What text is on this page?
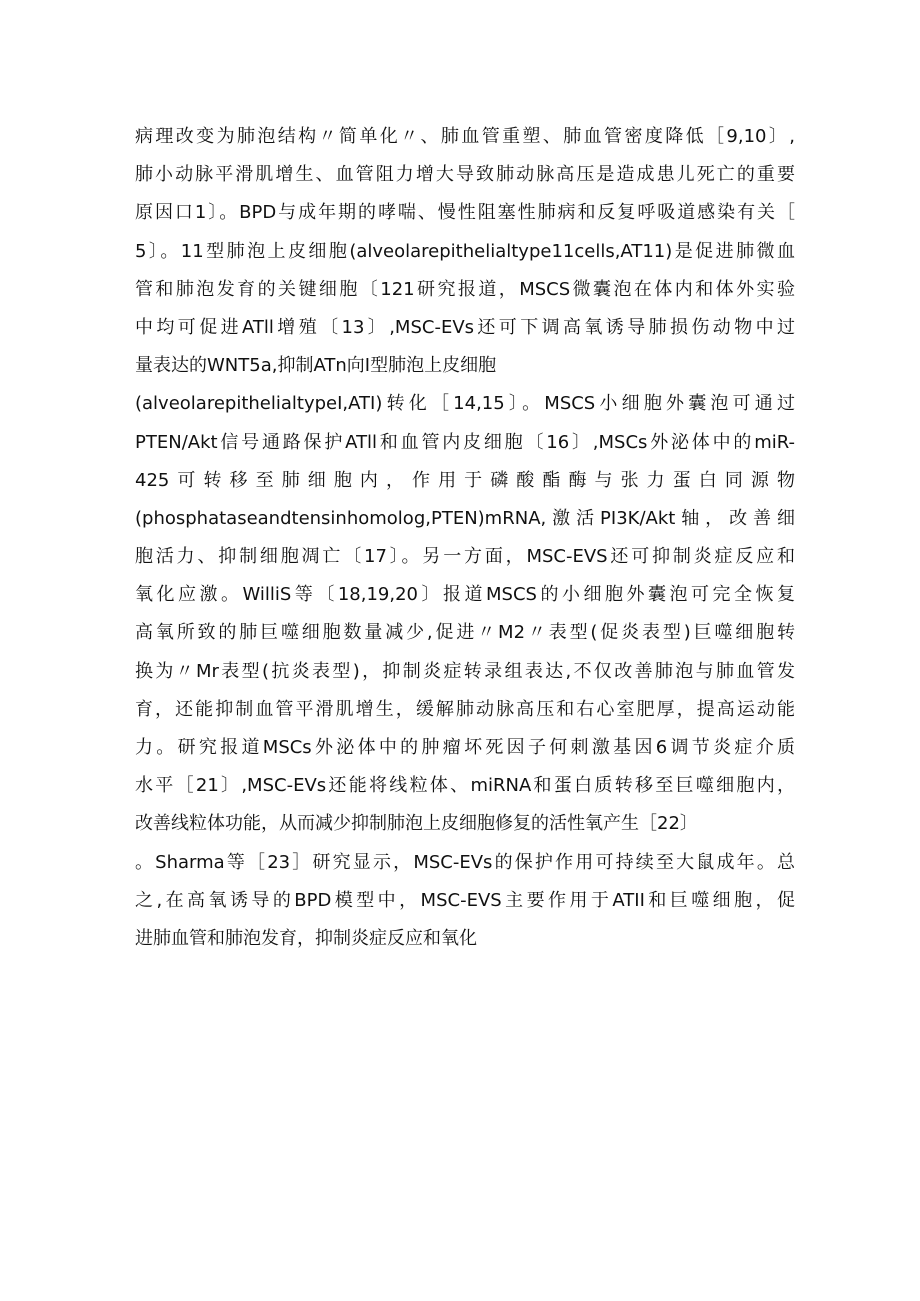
病理改变为肺泡结构〃简单化〃、肺血管重塑、肺血管密度降低［9,10〕,
肺小动脉平滑肌增生、血管阻力增大导致肺动脉高压是造成患儿死亡的重要
原因口1〕。BPD与成年期的哮喘、慢性阻塞性肺病和反复呼吸道感染有关［
5〕。11型肺泡上皮细胞(alveolarepithelialtype11cells,AT11)是促进肺微血
管和肺泡发育的关键细胞〔121研究报道，MSCS微囊泡在体内和体外实验
中均可促进ATll增殖〔13〕,MSC-EVs还可下调高氧诱导肺损伤动物中过
量表达的WNT5a,抑制ATn向I型肺泡上皮细胞
(alveolarepithelialtypeI,ATI)转化［14,15〕。MSCS小细胞外囊泡可通过
PTEN/Akt信号通路保护ATll和血管内皮细胞〔16〕,MSCs外泌体中的miR-
425可转移至肺细胞内，作用于磷酸酯酶与张力蛋白同源物
(phosphataseandtensinhomolog,PTEN)mRNA,激活PI3K∕Akt轴，改善细
胞活力、抑制细胞凋亡〔17〕。另一方面，MSC-EVS还可抑制炎症反应和
氧化应激。WilliS等〔18,19,20〕报道MSCS的小细胞外囊泡可完全恢复
高氧所致的肺巨噬细胞数量减少,促进〃M2〃表型(促炎表型)巨噬细胞转
换为〃Mr表型(抗炎表型)，抑制炎症转录组表达,不仅改善肺泡与肺血管发
育，还能抑制血管平滑肌增生，缓解肺动脉高压和右心室肥厚，提高运动能
力。研究报道MSCs外泌体中的肿瘤坏死因子何刺激基因6调节炎症介质
水平［21〕,MSC-EVs还能将线粒体、miRNA和蛋白质转移至巨噬细胞内，
改善线粒体功能，从而减少抑制肺泡上皮细胞修复的活性氧产生［22〕
。Sharma等［23］研究显示，MSC-EVs的保护作用可持续至大鼠成年。总
之,在高氧诱导的BPD模型中，MSC-EVS主要作用于ATII和巨噬细胞，促
进肺血管和肺泡发育，抑制炎症反应和氧化
